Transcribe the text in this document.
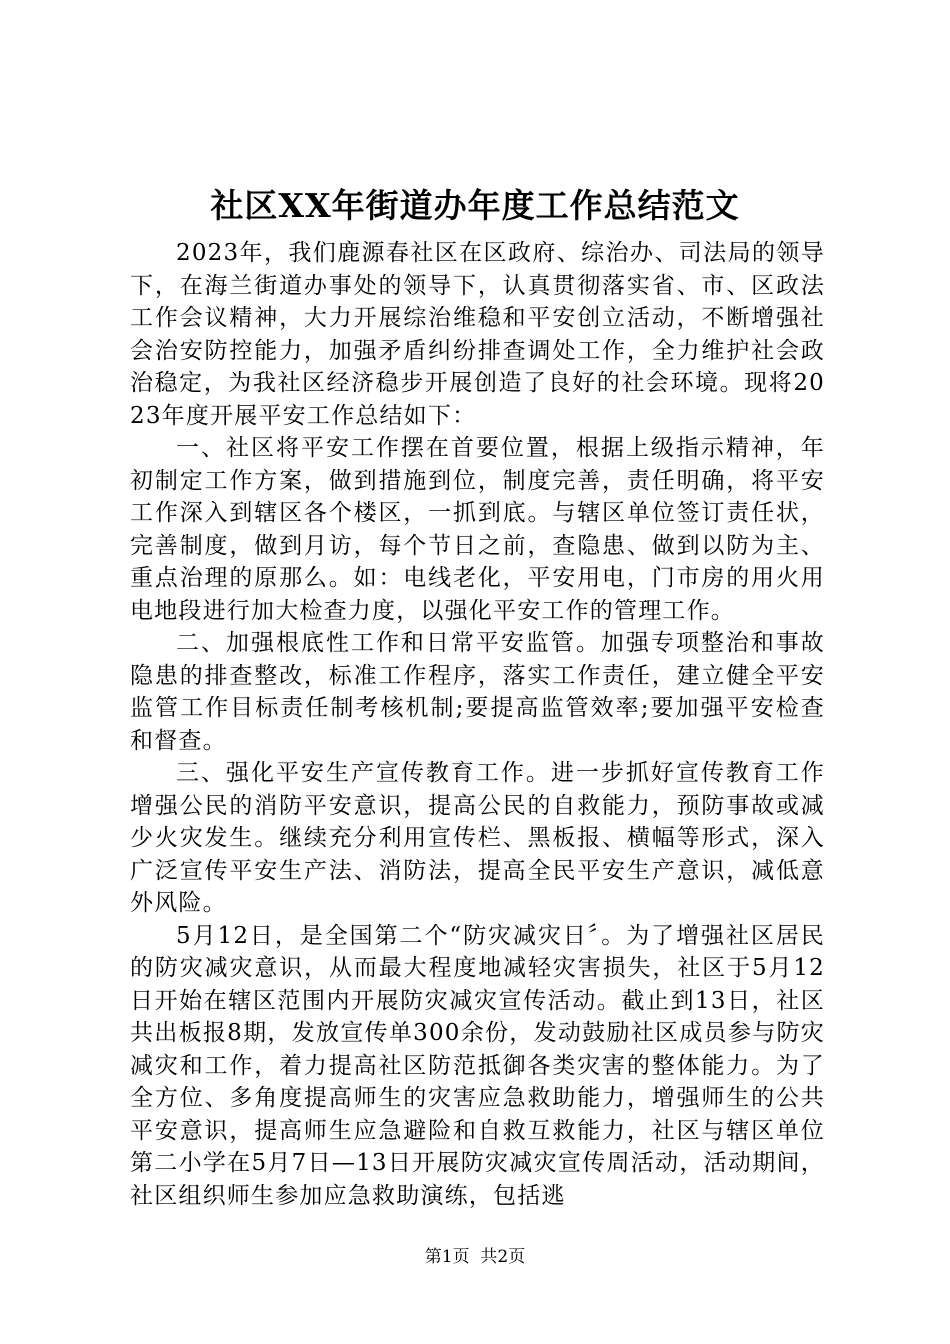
社区XX年街道办年度工作总结范文

2023年，我们鹿源春社区在区政府、综治办、司法局的领导下，在海兰街道办事处的领导下，认真贯彻落实省、市、区政法工作会议精神，大力开展综治维稳和平安创立活动，不断增强社会治安防控能力，加强矛盾纠纷排查调处工作，全力维护社会政治稳定，为我社区经济稳步开展创造了良好的社会环境。现将2023年度开展平安工作总结如下：

一、社区将平安工作摆在首要位置，根据上级指示精神，年初制定工作方案，做到措施到位，制度完善，责任明确，将平安工作深入到辖区各个楼区，一抓到底。与辖区单位签订责任状，完善制度，做到月访，每个节日之前，查隐患、做到以防为主、重点治理的原那么。如：电线老化，平安用电，门市房的用火用电地段进行加大检查力度，以强化平安工作的管理工作。

二、加强根底性工作和日常平安监管。加强专项整治和事故隐患的排查整改，标准工作程序，落实工作责任，建立健全平安监管工作目标责任制考核机制;要提高监管效率;要加强平安检查和督查。

三、强化平安生产宣传教育工作。进一步抓好宣传教育工作增强公民的消防平安意识，提高公民的自救能力，预防事故或减少火灾发生。继续充分利用宣传栏、黑板报、横幅等形式，深入广泛宣传平安生产法、消防法，提高全民平安生产意识，减低意外风险。

5月12日，是全国第二个“防灾减灾日〞。为了增强社区居民的防灾减灾意识，从而最大程度地减轻灾害损失，社区于5月12日开始在辖区范围内开展防灾减灾宣传活动。截止到13日，社区共出板报8期，发放宣传单300余份，发动鼓励社区成员参与防灾减灾和工作，着力提高社区防范抵御各类灾害的整体能力。为了全方位、多角度提高师生的灾害应急救助能力，增强师生的公共平安意识，提高师生应急避险和自救互救能力，社区与辖区单位第二小学在5月7日—13日开展防灾减灾宣传周活动，活动期间，社区组织师生参加应急救助演练，包括逃

第1页 共2页
